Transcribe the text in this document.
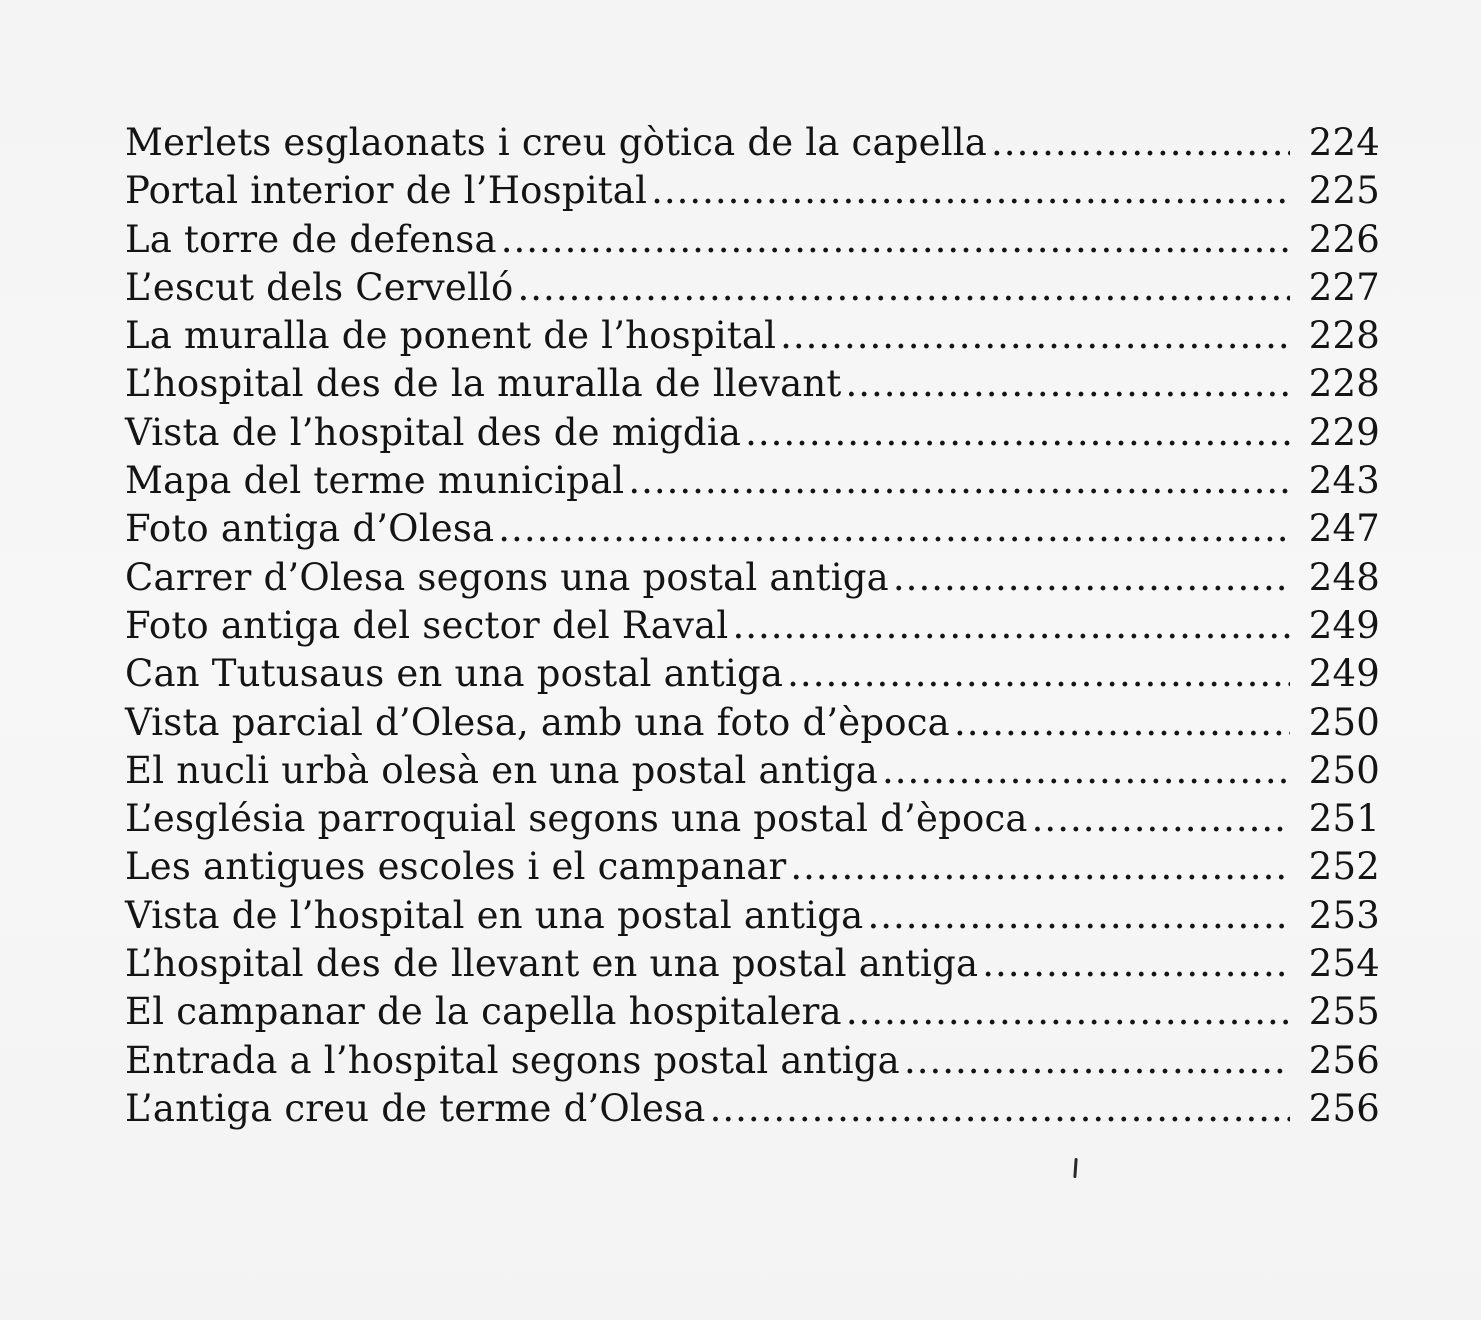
Merlets esglaonats i creu gòtica de la capella .....	224
Portal interior de l’Hospital .....	225
La torre de defensa .....	226
L’escut dels Cervelló .....	227
La muralla de ponent de l’hospital .....	228
L’hospital des de la muralla de llevant .....	228
Vista de l’hospital des de migdia .....	229
Mapa del terme municipal .....	243
Foto antiga d’Olesa .....	247
Carrer d’Olesa segons una postal antiga .....	248
Foto antiga del sector del Raval .....	249
Can Tutusaus en una postal antiga .....	249
Vista parcial d’Olesa, amb una foto d’època .....	250
El nucli urbà olesà en una postal antiga .....	250
L’església parroquial segons una postal d’època .....	251
Les antigues escoles i el campanar .....	252
Vista de l’hospital en una postal antiga .....	253
L’hospital des de llevant en una postal antiga .....	254
El campanar de la capella hospitalera .....	255
Entrada a l’hospital segons postal antiga .....	256
L’antiga creu de terme d’Olesa .....	256
